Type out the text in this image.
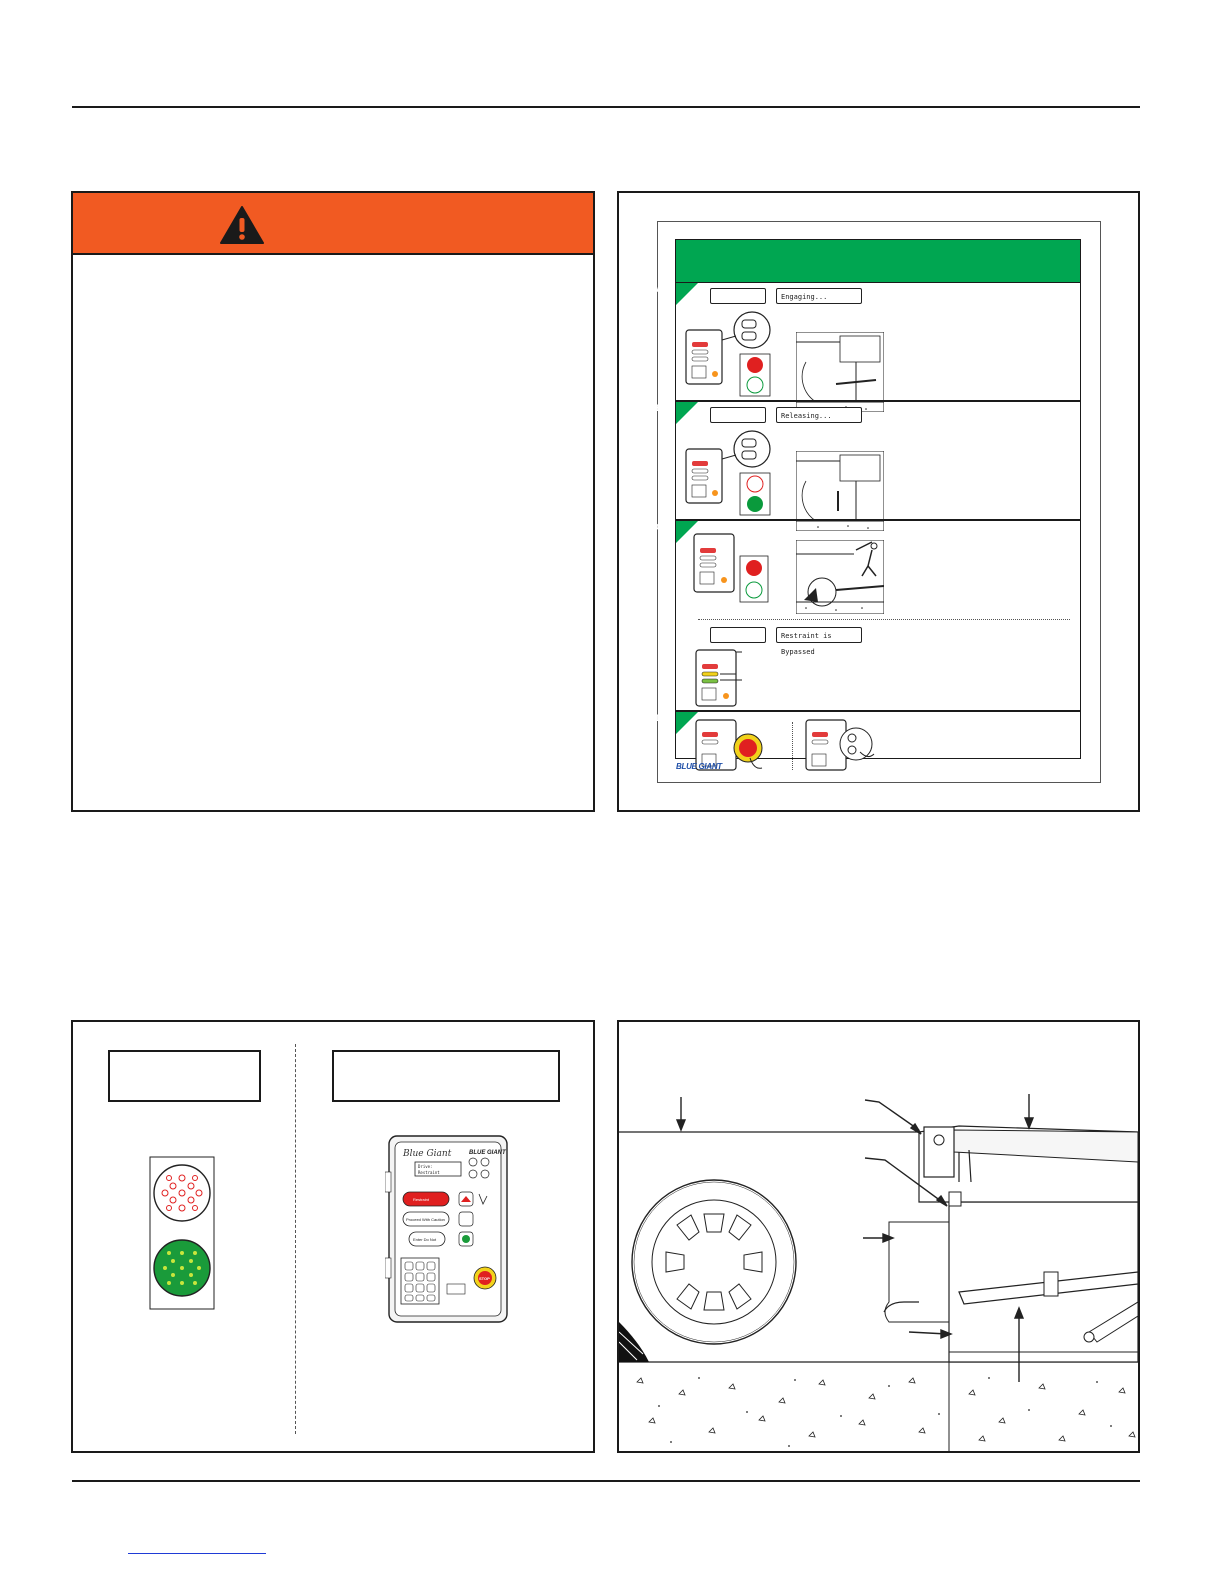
A
Engaging...
B
Releasing...
C
Restraint is Bypassed
D
BLUE GIANT
Blue Giant	BLUE GIANT
Drive:
Restraint
Restraint
Proceed With Caution
Enter Do Not
STOP
